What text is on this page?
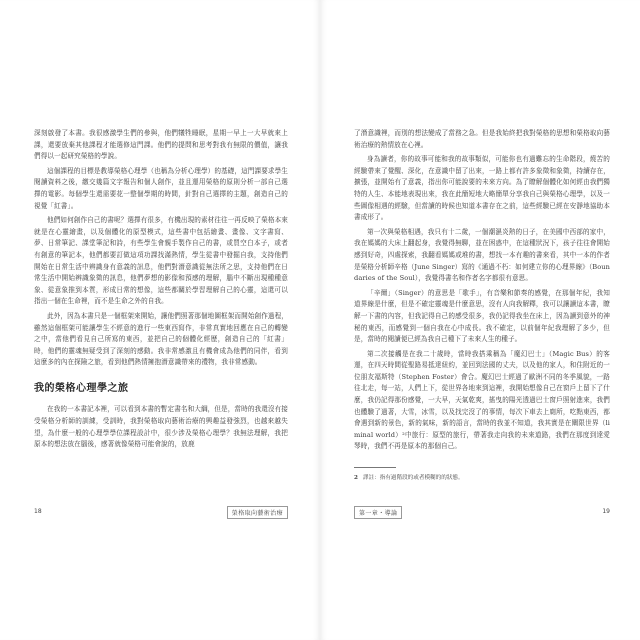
深刻啟發了本書。我很感激學生們的參與，他們犧牲睡眠，星期一早上一大早就來上課，還要放棄其他課程才能選修這門課。他們的提問和思考對我有無限的價值，讓我們得以一起研究榮格的學說。

這個課程的目標是教導榮格心理學（也稱為分析心理學）的基礎，這門課要求學生閱讀資料之後，繳交幾篇文字報告和個人創作，並且運用榮格的原則分析一部自己選擇的電影。每個學生還需要花一整個學期的時間，針對自己選擇的主題，創造自己的視覺「紅書」。

他們如何創作自己的書呢？選擇有很多，有機出現的素材往往一再反映了榮格本來就是在心靈繪畫，以及個體化的原型模式，這些書中包括繪畫、畫像、文字書寫、夢、日常筆記、課堂筆記和詩，有些學生會親手製作自己的書，或買空白本子，或者有創意的筆記本，他們都要訂做這項功課找滿熱情，學生從書中發掘自我，支持他們開始在日常生活中辨識身有意義的訊息，他們對潛意識從無法所之思，支持他們在日常生活中開始辨識象徵的訊息，他們夢想的影像和預感的理解，腦中不斷出現種種意象、從意象推到本質，形成日常的想像，這些都關於學習理解自己的心靈，這還可以指出一個在生命裡，而不是生命之外的自我。

此外，因為本書只是一個框架來開始，讓他們照著那個地圖框架而開始創作過程，雖然這個框架可能讓學生不經意的進行一些東西寫作，非常真實地回應在自己的轉變之中，當他們看見自己所寫的東西，並把自己的個體化經歷，創造自己的「紅書」時，他們的靈魂無疑受到了深刻的感動。我非常感激且有機會成為他們的同伴，看到這麼多的內在探險之旅，看到他們熱情擁抱潛意識帶來的禮物，我非常感動。

我的榮格心理學之旅

在我的一本書記本裡，可以看到本書的暫定書名和大綱，但是，當時的我還沒有接受榮格分析師的訓練，受訓時，我對榮格取向藝術治療的興趣益發強烈，也越來越失望，為什麼一般的心理學學位課程設計中，很少涉及榮格心理學？我無法理解，我把原本的想法放在腦後，感著就像榮格可能會說的，放鹿

18	榮格取向藝術治療

了潛意識裡，而別的想法變成了當務之急。但是我始終把我對榮格的思想和榮格取向藝術治療的熱情放在心裡。

身為讀者，你的故事可能和我的故事類似，可能你也有過難忘的生命階段，燒苦的經驗帶來了覺醒、深化，在意識中留了出來，一路上都有許多象徵和象徵，持續存在，擴張，並開始有了意義，指出你可能說要的未來方向。為了瞭解個體化如何經由我們獨特的人生、本能地表現出來，我在此簡短地大略簡單分享我自己與榮格心理學，以及一些圖像相遇的經驗，但當讀的時候也知道本書存在之前，這些經驗已經在安靜地協助本書成形了。

第一次與榮格相遇，我只有十二歲，一個潮濕炎熱的日子，在美國中西部的家中，我在媽媽的大床上翻起身，我覺得無聊，並在困惑中，在這種狀況下，孩子往往會開始感到好奇，四處探索，我翻看媽媽或堆的書，想找一本有趣的書來看，其中一本的作者是榮格分析師辛格（June Singer）寫的《通過不朽：如何建立你的心理界線》（Boundaries of the Soul），我覺得書名和作者名字都很有意思。

「辛爾」（Singer）的意思是「歌手」，有音樂和節奏的感覺，在那個年紀，我知道界線是什麼，但是不確定靈魂是什麼意思，沒有人向我解釋，我可以讓讀這本書，瞭解一下書的內容，但我記得自己的感受很多，我仍記得我坐在床上，因為讀到意外的神秘的東西，而感覺到一個自我在心中成長。我不確定，以前個年紀我理解了多少，但是，當時的閱讀便已經為我自己種下了未來人生的種子。

第二次接觸是在我二十歲時，當時我搭乘稱為「魔幻巴士」（Magic Bus）的客運，在四天時間從聖路易抵達紐約，並回到法國的丈夫，以及他的家人，和住附近的一位朋友福斯特（Stephen Foster）會合。魔幻巴士經過了歐洲不同的冬季風貌，一路往北走，每一站，人們上下，從世界各地來到這裡，我開始想像自己在窗戶上留下了什麼，我仍記得那份感覺，一大早，天氣乾爽，搖曳的陽光透過巴士窗戶照射進來，我們也體驗了過著，大雪，冰雪，以及找完沒了的事情，每次下車去上廁所，吃點東西，都會遇到新的景色，新的氣味，新的語言，當時的我並不知道，我其實是在闡限世界（liminal world）²中旅行：原型的旅行，帶著我走向我的未來道路，我們在那度到達愛琴時，我們不再是原本的那個自己。

2 譯註：指有過階段的或者模糊的的狀態。
第一章・導論	19
